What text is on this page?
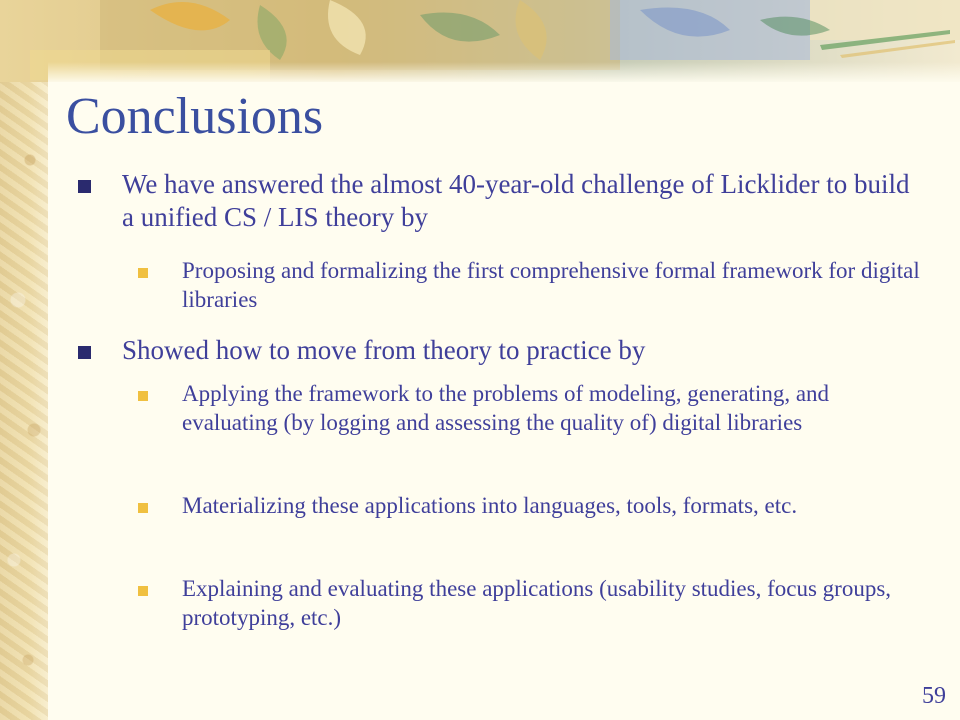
Conclusions
We have answered the almost 40-year-old challenge of Licklider to build a unified CS / LIS theory by
Proposing and formalizing the first comprehensive formal framework for digital libraries
Showed how to move from theory to practice by
Applying the framework to the problems of modeling, generating, and evaluating (by logging and assessing the quality of) digital libraries
Materializing these applications into languages, tools, formats, etc.
Explaining and evaluating these applications (usability studies, focus groups, prototyping, etc.)
59
